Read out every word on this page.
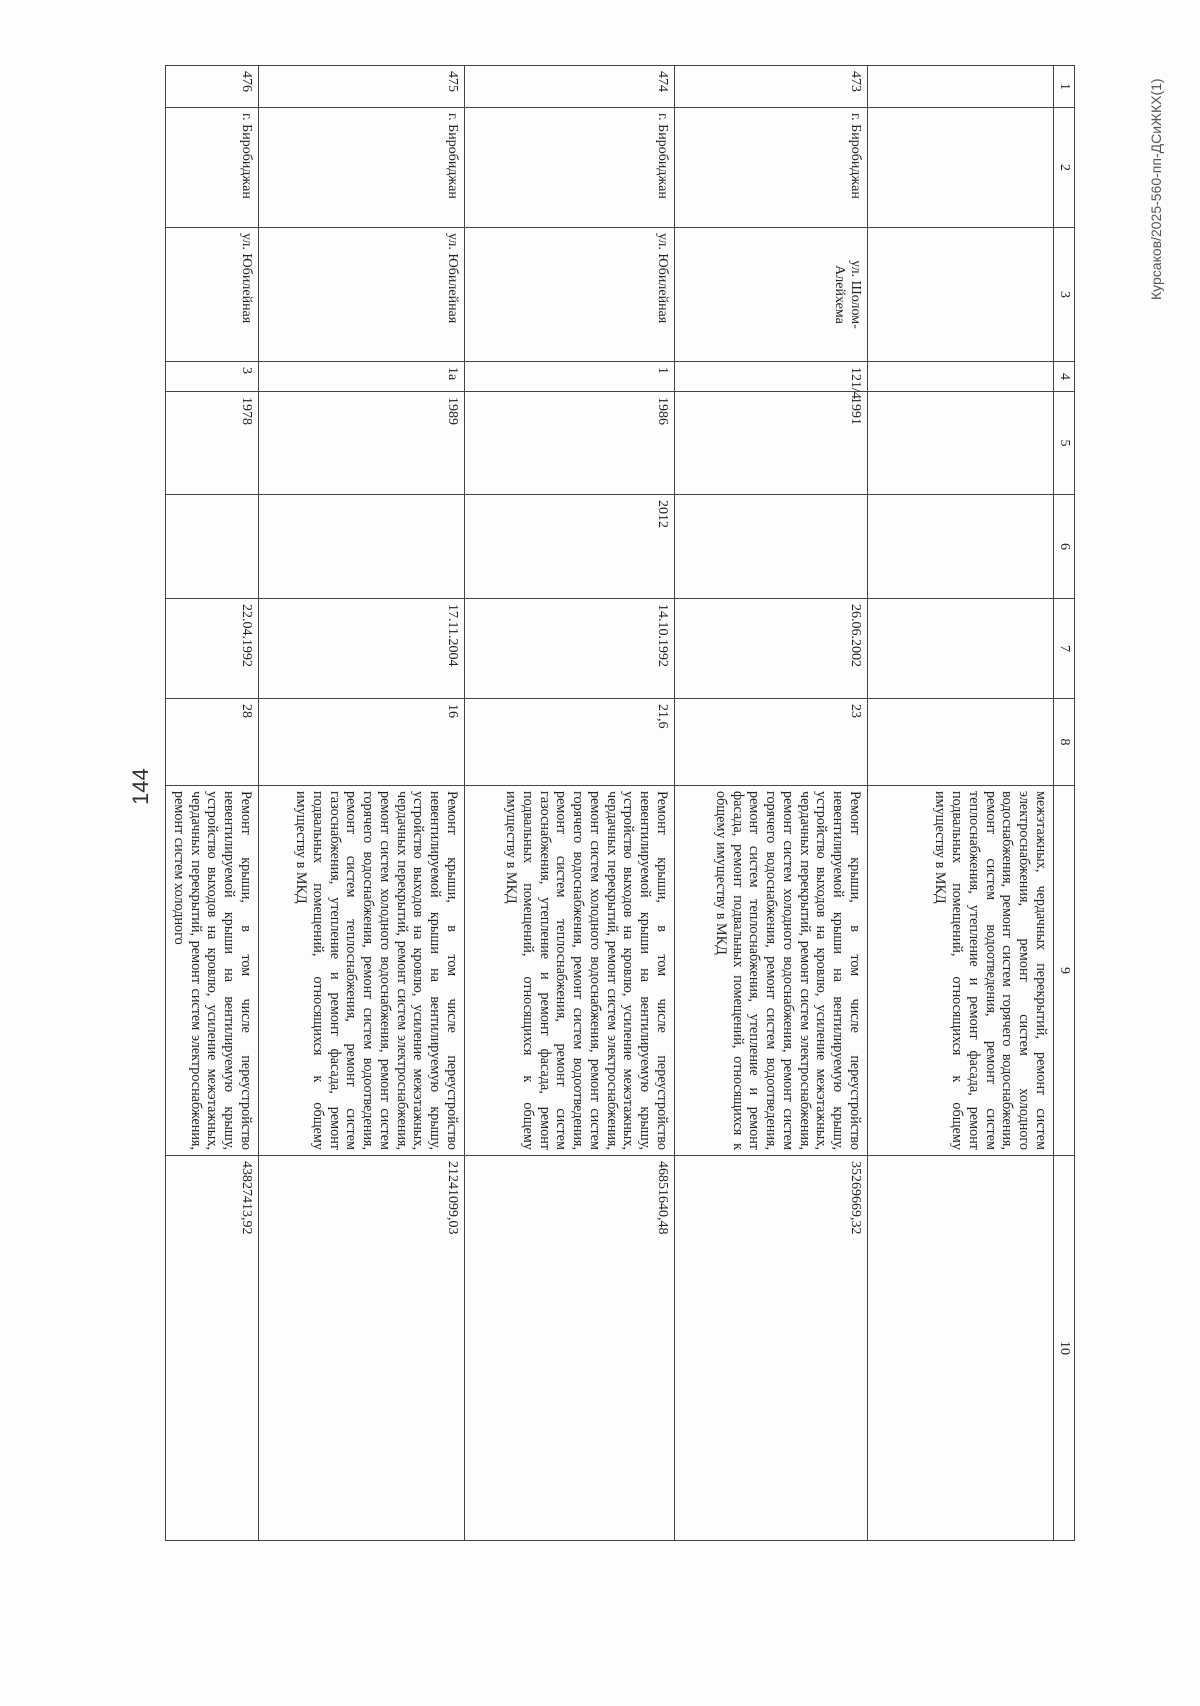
144
1	2	3	4	5	6	7	8	9	10
								межэтажных, чердачных перекрытий, ремонт систем электроснабжения, ремонт систем холодного водоснабжения, ремонт систем горячего водоснабжения, ремонт систем водоотведения, ремонт систем теплоснабжения, утепление и ремонт фасада, ремонт подвальных помещений, относящихся к общему имуществу в МКД	
473	г. Биробиджан	ул. Шолом-Алейхема	121/4	1991		26.06.2002	23	Ремонт крыши, в том числе переустройство невентилируемой крыши на вентилируемую крышу, устройство выходов на кровлю, усиление межэтажных, чердачных перекрытий, ремонт систем электроснабжения, ремонт систем холодного водоснабжения, ремонт систем горячего водоснабжения, ремонт систем водоотведения, ремонт систем теплоснабжения, утепление и ремонт фасада, ремонт подвальных помещений, относящихся к общему имуществу в МКД	35269669,32
474	г. Биробиджан	ул. Юбилейная	1	1986	2012	14.10.1992	21,6	Ремонт крыши, в том числе переустройство невентилируемой крыши на вентилируемую крышу, устройство выходов на кровлю, усиление межэтажных, чердачных перекрытий, ремонт систем электроснабжения, ремонт систем холодного водоснабжения, ремонт систем горячего водоснабжения, ремонт систем водоотведения, ремонт систем теплоснабжения, ремонт систем газоснабжения, утепление и ремонт фасада, ремонт подвальных помещений, относящихся к общему имуществу в МКД	46851640,48
475	г. Биробиджан	ул. Юбилейная	1а	1989		17.11.2004	16	Ремонт крыши, в том числе переустройство невентилируемой крыши на вентилируемую крышу, устройство выходов на кровлю, усиление межэтажных, чердачных перекрытий, ремонт систем электроснабжения, ремонт систем холодного водоснабжения, ремонт систем горячего водоснабжения, ремонт систем водоотведения, ремонт систем теплоснабжения, ремонт систем газоснабжения, утепление и ремонт фасада, ремонт подвальных помещений, относящихся к общему имуществу в МКД	21241099,03
476	г. Биробиджан	ул. Юбилейная	3	1978		22.04.1992	28	Ремонт крыши, в том числе переустройство невентилируемой крыши на вентилируемую крышу, устройство выходов на кровлю, усиление межэтажных, чердачных перекрытий, ремонт систем электроснабжения, ремонт систем холодного	43827413,92
Курсаков/2025-560-пп-ДСиЖКХ(1)
